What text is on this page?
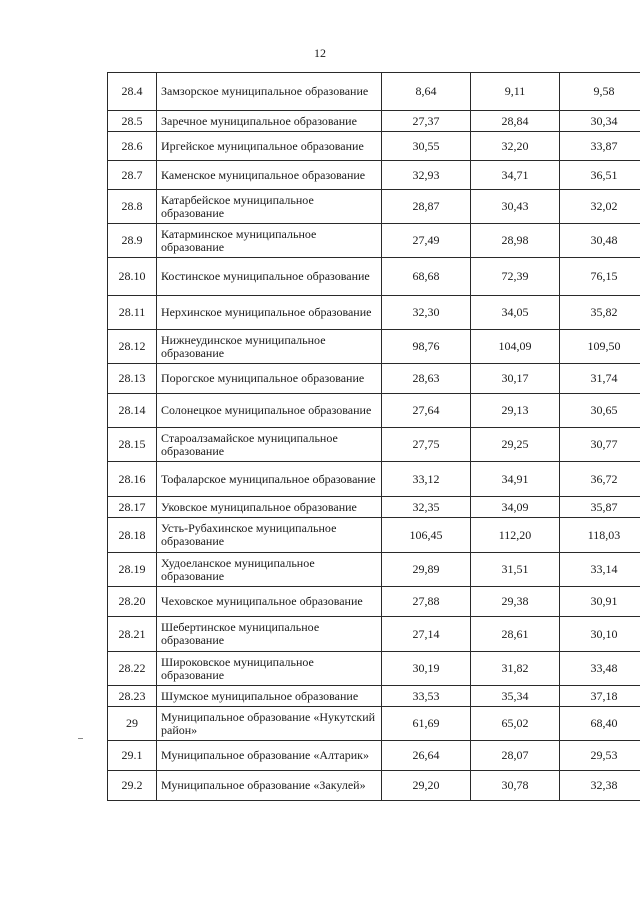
12
28.4	Замзорское муниципальное образование	8,64	9,11	9,58
28.5	Заречное муниципальное образование	27,37	28,84	30,34
28.6	Иргейское муниципальное образование	30,55	32,20	33,87
28.7	Каменское муниципальное образование	32,93	34,71	36,51
28.8	Катарбейское муниципальное образование	28,87	30,43	32,02
28.9	Катарминское муниципальное образование	27,49	28,98	30,48
28.10	Костинское муниципальное образование	68,68	72,39	76,15
28.11	Нерхинское муниципальное образование	32,30	34,05	35,82
28.12	Нижнеудинское муниципальное образование	98,76	104,09	109,50
28.13	Порогское муниципальное образование	28,63	30,17	31,74
28.14	Солонецкое муниципальное образование	27,64	29,13	30,65
28.15	Староалзамайское муниципальное образование	27,75	29,25	30,77
28.16	Тофаларское муниципальное образование	33,12	34,91	36,72
28.17	Уковское муниципальное образование	32,35	34,09	35,87
28.18	Усть-Рубахинское муниципальное образование	106,45	112,20	118,03
28.19	Худоеланское муниципальное образование	29,89	31,51	33,14
28.20	Чеховское муниципальное образование	27,88	29,38	30,91
28.21	Шебертинское муниципальное образование	27,14	28,61	30,10
28.22	Широковское муниципальное образование	30,19	31,82	33,48
28.23	Шумское муниципальное образование	33,53	35,34	37,18
29	Муниципальное образование «Нукутский район»	61,69	65,02	68,40
29.1	Муниципальное образование «Алтарик»	26,64	28,07	29,53
29.2	Муниципальное образование «Закулей»	29,20	30,78	32,38
